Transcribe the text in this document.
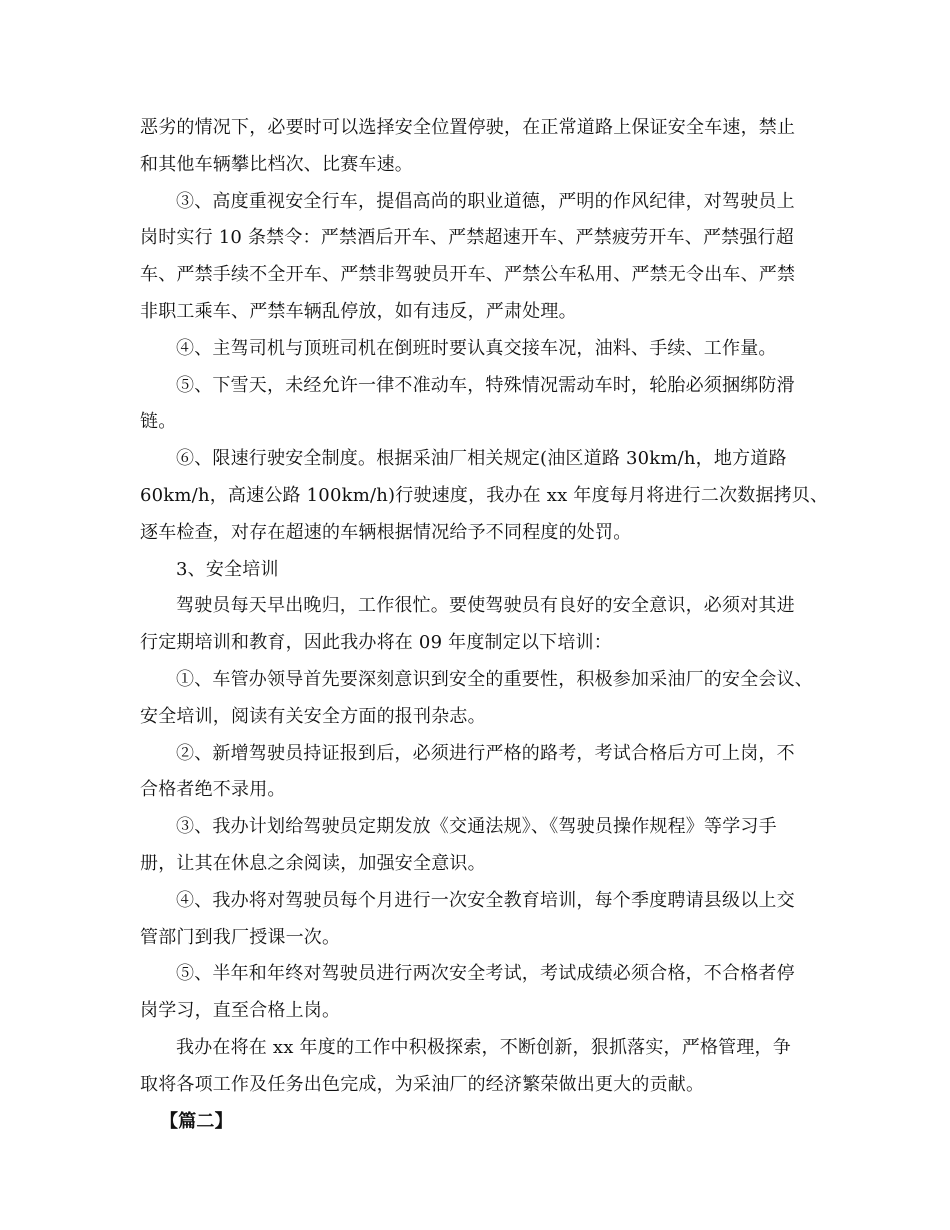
恶劣的情况下，必要时可以选择安全位置停驶，在正常道路上保证安全车速，禁止
和其他车辆攀比档次、比赛车速。
③、高度重视安全行车，提倡高尚的职业道德，严明的作风纪律，对驾驶员上
岗时实行 10 条禁令：严禁酒后开车、严禁超速开车、严禁疲劳开车、严禁强行超
车、严禁手续不全开车、严禁非驾驶员开车、严禁公车私用、严禁无令出车、严禁
非职工乘车、严禁车辆乱停放，如有违反，严肃处理。
④、主驾司机与顶班司机在倒班时要认真交接车况，油料、手续、工作量。
⑤、下雪天，未经允许一律不准动车，特殊情况需动车时，轮胎必须捆绑防滑
链。
⑥、限速行驶安全制度。根据采油厂相关规定(油区道路 30km/h，地方道路
60km/h，高速公路 100km/h)行驶速度，我办在 xx 年度每月将进行二次数据拷贝、
逐车检查，对存在超速的车辆根据情况给予不同程度的处罚。
3、安全培训
驾驶员每天早出晚归，工作很忙。要使驾驶员有良好的安全意识，必须对其进
行定期培训和教育，因此我办将在 09 年度制定以下培训：
①、车管办领导首先要深刻意识到安全的重要性，积极参加采油厂的安全会议、
安全培训，阅读有关安全方面的报刊杂志。
②、新增驾驶员持证报到后，必须进行严格的路考，考试合格后方可上岗，不
合格者绝不录用。
③、我办计划给驾驶员定期发放《交通法规》、《驾驶员操作规程》等学习手
册，让其在休息之余阅读，加强安全意识。
④、我办将对驾驶员每个月进行一次安全教育培训，每个季度聘请县级以上交
管部门到我厂授课一次。
⑤、半年和年终对驾驶员进行两次安全考试，考试成绩必须合格，不合格者停
岗学习，直至合格上岗。
我办在将在 xx 年度的工作中积极探索，不断创新，狠抓落实，严格管理，争
取将各项工作及任务出色完成，为采油厂的经济繁荣做出更大的贡献。
【篇二】
